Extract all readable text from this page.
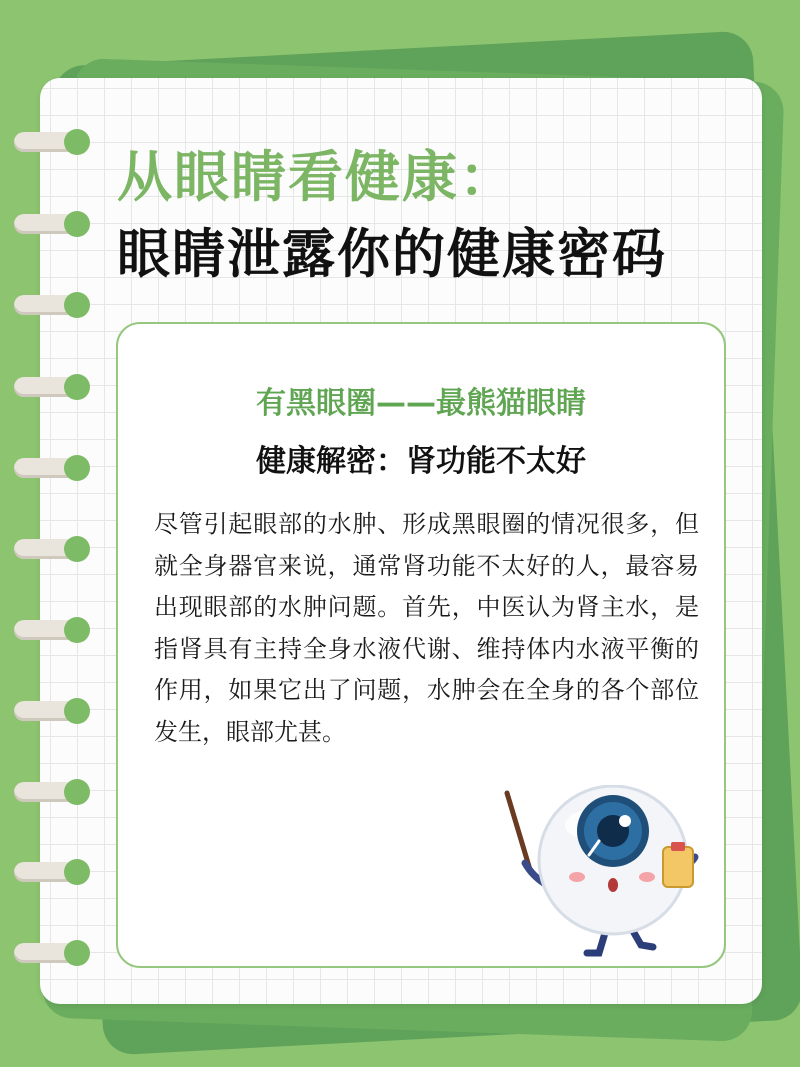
从眼睛看健康：
眼睛泄露你的健康密码
有黑眼圈——最熊猫眼睛
健康解密：肾功能不太好

尽管引起眼部的水肿、形成黑眼圈的情况很多，但就全身器官来说，通常肾功能不太好的人，最容易出现眼部的水肿问题。首先，中医认为肾主水，是指肾具有主持全身水液代谢、维持体内水液平衡的作用，如果它出了问题，水肿会在全身的各个部位发生，眼部尤甚。
